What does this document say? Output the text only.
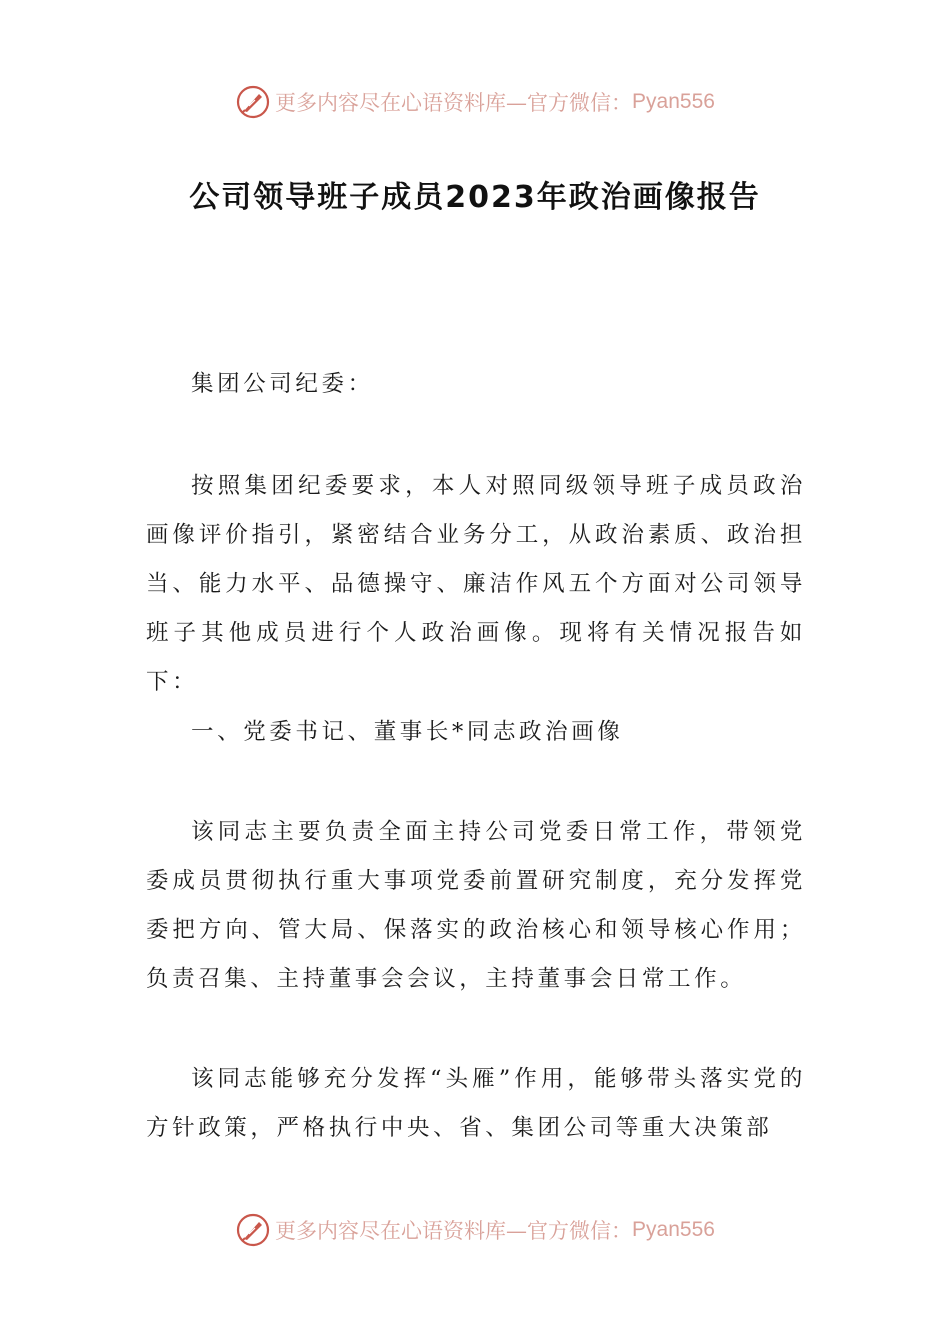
更多内容尽在心语资料库—官方微信： Pyan556
公司领导班子成员2023年政治画像报告

集团公司纪委：

按照集团纪委要求，本人对照同级领导班子成员政治画像评价指引，紧密结合业务分工，从政治素质、政治担当、能力水平、品德操守、廉洁作风五个方面对公司领导班子其他成员进行个人政治画像。现将有关情况报告如下：

一、党委书记、董事长*同志政治画像

该同志主要负责全面主持公司党委日常工作，带领党委成员贯彻执行重大事项党委前置研究制度，充分发挥党委把方向、管大局、保落实的政治核心和领导核心作用；负责召集、主持董事会会议，主持董事会日常工作。

该同志能够充分发挥“头雁”作用，能够带头落实党的方针政策，严格执行中央、省、集团公司等重大决策部

更多内容尽在心语资料库—官方微信： Pyan556
